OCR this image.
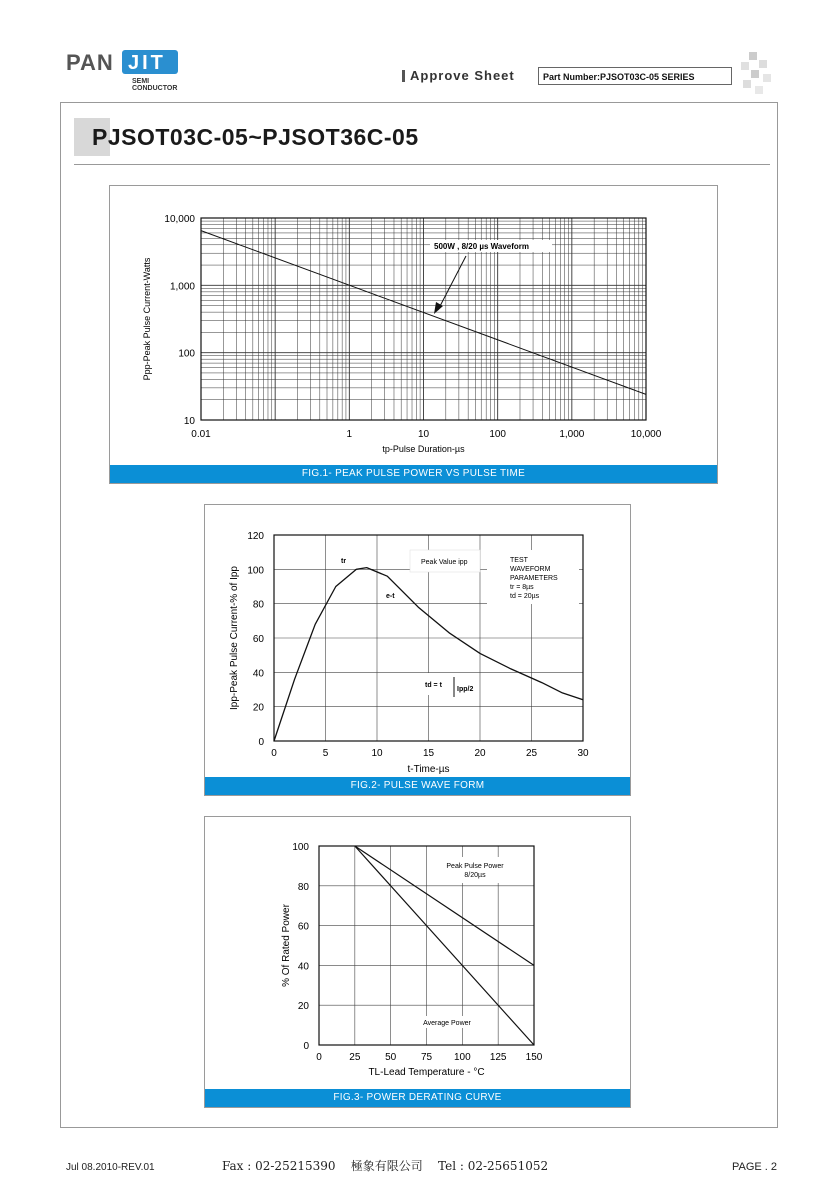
PAN JIT
SEMI
CONDUCTOR
Approve Sheet	Part Number:PJSOT03C-05 SERIES
PJSOT03C-05~PJSOT36C-05
0.01	1	10	100	1,000	10,000
10,000
1,000
100
10
tp-Pulse Duration-µs
Ppp-Peak Pulse Current-Watts
500W , 8/20 µs Waveform
FIG.1- PEAK PULSE POWER VS PULSE TIME
0
20
40
60
80
100
120
0	5	10	15	20	25	30
t-Time-µs
Ipp-Peak Pulse Current-% of Ipp
tr	Peak Value ipp
e-t
TEST
WAVEFORM
PARAMETERS
tr = 8µs
td = 20µs
td = t
Ipp/2
FIG.2- PULSE WAVE FORM
0
20
40
60
80
100
0	25 50 75 100 125 150
TL-Lead Temperature - °C
% Of Rated Power
Peak Pulse Power
8/20µs
Average Power
FIG.3- POWER DERATING CURVE
Jul 08.2010-REV.01	Fax : 02-25215390    極象有限公司    Tel : 02-25651052	PAGE . 2
